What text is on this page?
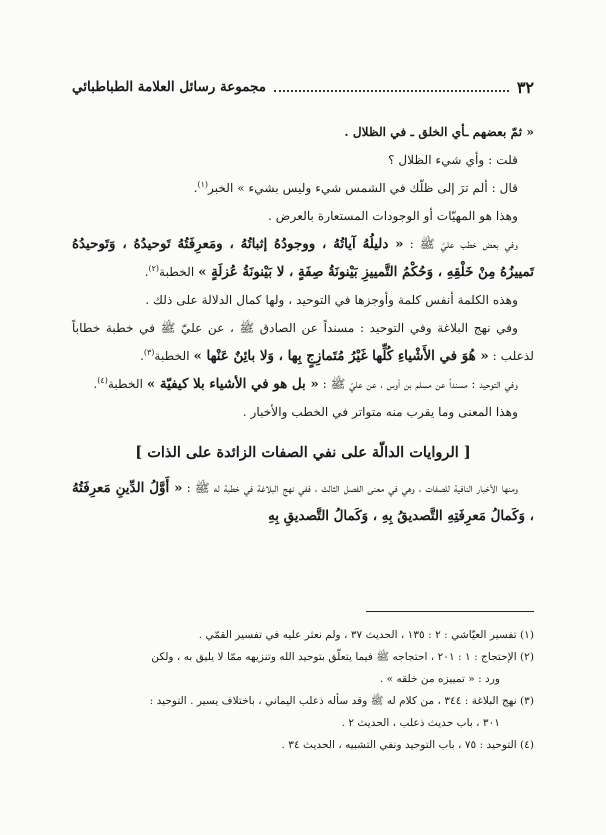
٣٢
مجموعة رسائل العلامة الطباطبائي

« ثمّ بعضهم ـأي الخلق ـ في الظلال .

قلت : وأي شيء الظلال ؟

قال : ألم ترَ إلى ظلّك في الشمس شيء وليس بشيء » الخبر$^{(١)}$.

وهذا هو المهيّات أو الوجودات المستعارة بالعرض .

وفي بعض خطب عليّ ﷺ : « دليلُهُ آياتُهُ ، ووجودُهُ إثباتُهُ ، ومَعرِفَتُهُ تَوحيدُهُ ، وَتَوحيدُهُ تَمييزُهُ مِنْ خَلْقِهِ ، وَحُكْمُ التَّمييزِ بَيْنونَةُ صِفَةٍ ، لا بَيْنونَةُ عُزلَةٍ » الخطبة$^{(٢)}$.

وهذه الكلمة أنفس كلمة وأوجزها في التوحيد ، ولها كمال الدلالة على ذلك .

وفي نهج البلاغة وفي التوحيد : مسنداً عن الصادق ﷺ ، عن عليّ ﷺ في خطبة خطاباً لذعلب : « هُوَ في الأَشْياءِ كُلِّها غَيْرُ مُتَمازِجٍ بِها ، وَلا بائِنٌ عَنْها » الخطبة$^{(٣)}$.

وفي التوحيد : مسنداً عن مسلم بن أوس ، عن عليّ ﷺ : « بل هو في الأشياء بلا كيفيّة » الخطبة$^{(٤)}$.

وهذا المعنى وما يقرب منه متواتر في الخطب والأخبار .

[ الروايات الدالّة على نفي الصفات الزائدة على الذات ]

ومنها الأخبار النافية للصفات ، وهي في معنى الفصل الثالث ، ففي نهج البلاغة في خطبة له ﷺ : « أَوَّلُ الدِّينِ مَعرِفَتُهُ ، وَكَمالُ مَعرِفَتِهِ التَّصديقُ بِهِ ، وَكَمالُ التَّصديقِ بِهِ

(١) تفسير العيّاشي : ٢ : ١٣٥ ، الحديث ٣٧ ، ولم نعثر عليه في تفسير القمّي .

(٢) الإحتجاج : ١ : ٢٠١ ، احتجاجه ﷺ فيما يتعلّق بتوحيد الله وتنزيهه ممّا لا يليق به ، ولكن

ورد : « تمييزه من خلقه » .

(٣) نهج البلاغة : ٣٤٤ ، من كلام له ﷺ وقد سأله ذعلب اليماني ، باختلاف يسير . التوحيد :

٣٠١ ، باب حديث ذعلب ، الحديث ٢ .

(٤) التوحيد : ٧٥ ، باب التوحيد ونفي التشبيه ، الحديث ٣٤ .
